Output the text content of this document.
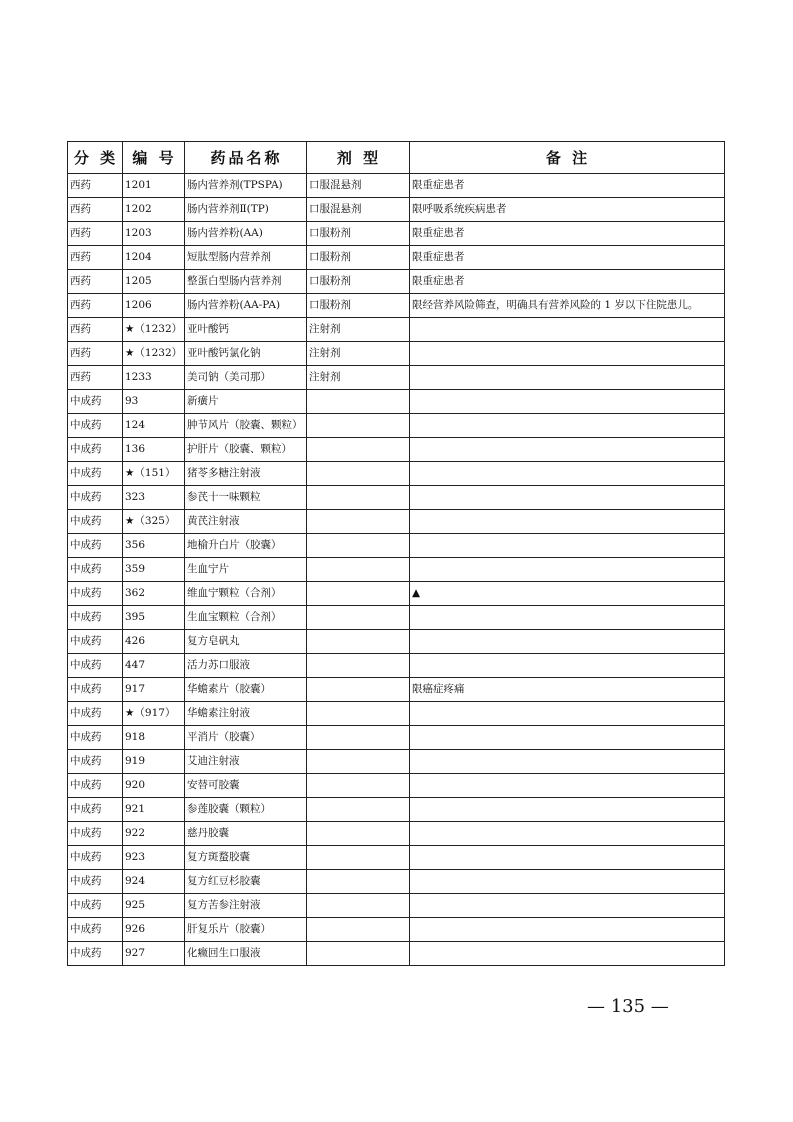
分 类	编 号	药品名称	剂 型	备 注
西药	1201	肠内营养剂(TPSPA)	口服混悬剂	限重症患者
西药	1202	肠内营养剂Ⅱ(TP)	口服混悬剂	限呼吸系统疾病患者
西药	1203	肠内营养粉(AA)	口服粉剂	限重症患者
西药	1204	短肽型肠内营养剂	口服粉剂	限重症患者
西药	1205	整蛋白型肠内营养剂	口服粉剂	限重症患者
西药	1206	肠内营养粉(AA-PA)	口服粉剂	限经营养风险筛查，明确具有营养风险的 1 岁以下住院患儿。
西药	★（1232）	亚叶酸钙	注射剂	
西药	★（1232）	亚叶酸钙氯化钠	注射剂	
西药	1233	美司钠（美司那）	注射剂	
中成药	93	新癀片		
中成药	124	肿节风片（胶囊、颗粒）		
中成药	136	护肝片（胶囊、颗粒）		
中成药	★（151）	猪苓多糖注射液		
中成药	323	参芪十一味颗粒		
中成药	★（325）	黄芪注射液		
中成药	356	地榆升白片（胶囊）		
中成药	359	生血宁片		
中成药	362	维血宁颗粒（合剂）		▲
中成药	395	生血宝颗粒（合剂）		
中成药	426	复方皂矾丸		
中成药	447	活力苏口服液		
中成药	917	华蟾素片（胶囊）		限癌症疼痛
中成药	★（917）	华蟾素注射液		
中成药	918	平消片（胶囊）		
中成药	919	艾迪注射液		
中成药	920	安替可胶囊		
中成药	921	参莲胶囊（颗粒）		
中成药	922	慈丹胶囊		
中成药	923	复方斑蝥胶囊		
中成药	924	复方红豆杉胶囊		
中成药	925	复方苦参注射液		
中成药	926	肝复乐片（胶囊）		
中成药	927	化癥回生口服液		
— 135 —
